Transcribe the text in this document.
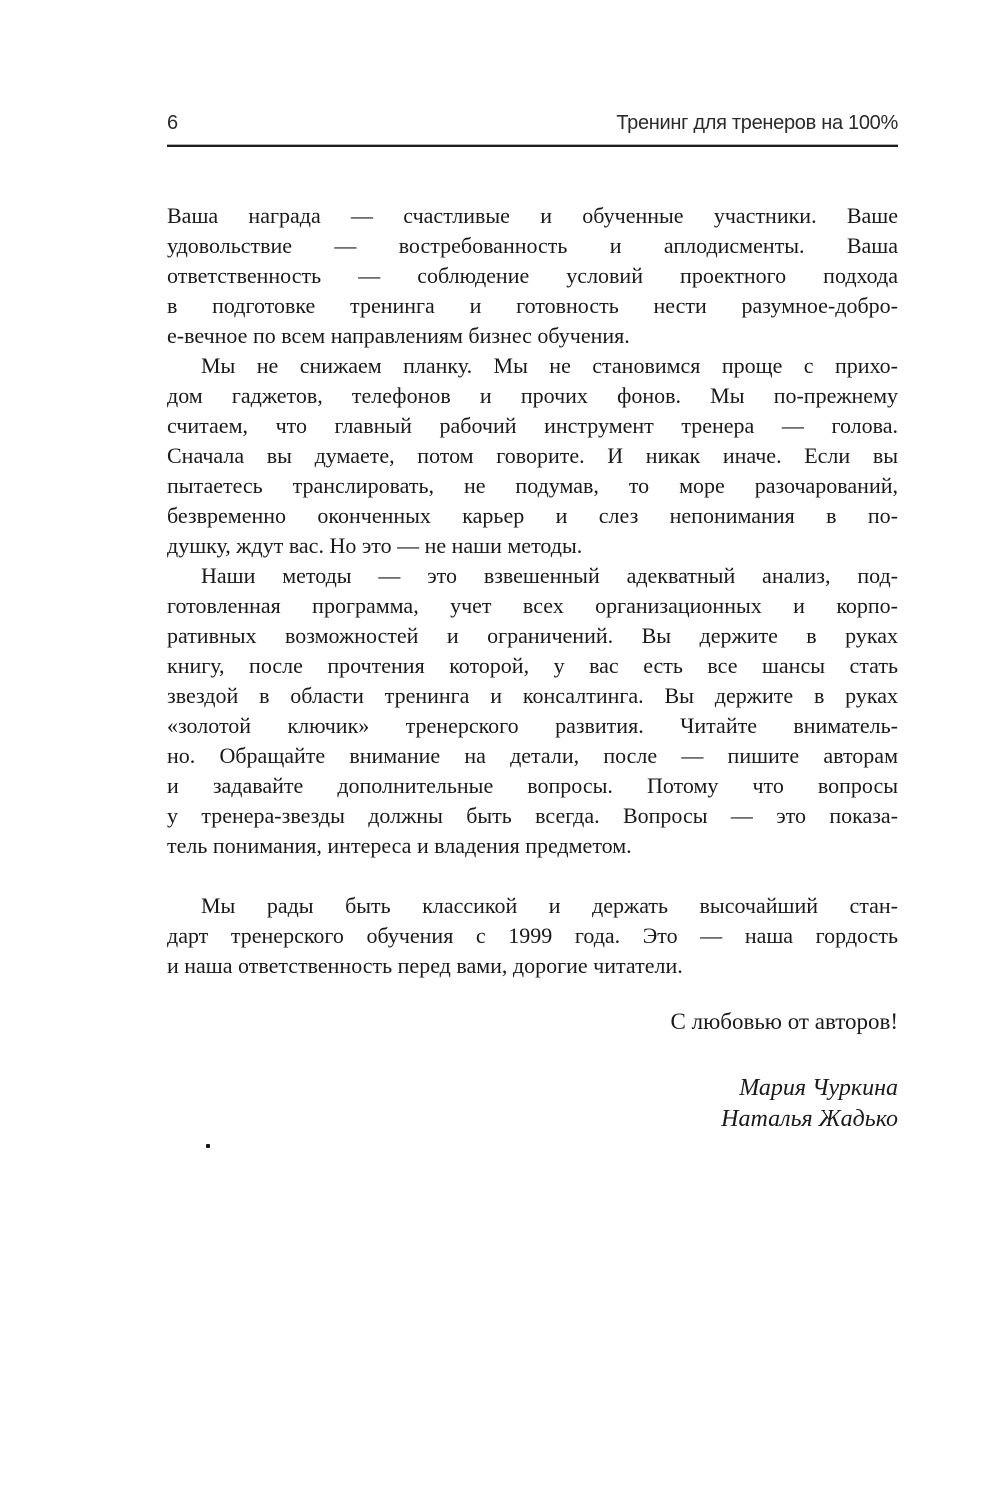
6	Тренинг для тренеров на 100%
Ваша награда — счастливые и обученные участники. Ваше
удовольствие — востребованность и аплодисменты. Ваша
ответственность — соблюдение условий проектного подхода
в подготовке тренинга и готовность нести разумное-добро-
е-вечное по всем направлениям бизнес обучения.
Мы не снижаем планку. Мы не становимся проще с прихо-
дом гаджетов, телефонов и прочих фонов. Мы по-прежнему
считаем, что главный рабочий инструмент тренера — голова.
Сначала вы думаете, потом говорите. И никак иначе. Если вы
пытаетесь транслировать, не подумав, то море разочарований,
безвременно оконченных карьер и слез непонимания в по-
душку, ждут вас. Но это — не наши методы.
Наши методы — это взвешенный адекватный анализ, под-
готовленная программа, учет всех организационных и корпо-
ративных возможностей и ограничений. Вы держите в руках
книгу, после прочтения которой, у вас есть все шансы стать
звездой в области тренинга и консалтинга. Вы держите в руках
«золотой ключик» тренерского развития. Читайте вниматель-
но. Обращайте внимание на детали, после — пишите авторам
и задавайте дополнительные вопросы. Потому что вопросы
у тренера-звезды должны быть всегда. Вопросы — это показа-
тель понимания, интереса и владения предметом.
Мы рады быть классикой и держать высочайший стан-
дарт тренерского обучения с 1999 года. Это — наша гордость
и наша ответственность перед вами, дорогие читатели.
С любовью от авторов!
Мария Чуркина
Наталья Жадько
